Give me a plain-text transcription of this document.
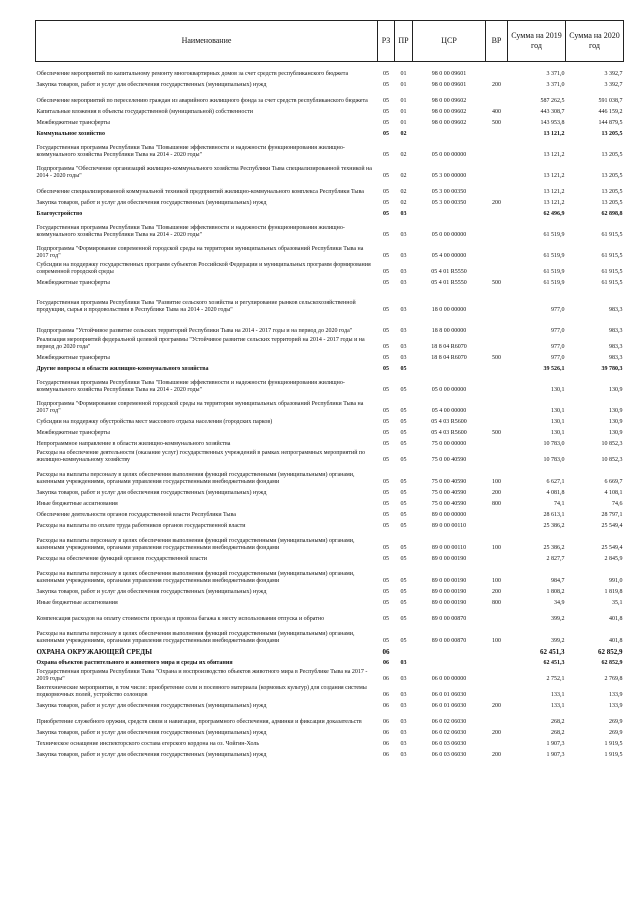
Наименование	РЗ	ПР	ЦСР	ВР	Сумма на 2019 год	Сумма на 2020 год
Обеспечение мероприятий по капитальному ремонту многоквартирных домов за счет средств республиканского бюджета	05	01	98 0 00 09601		3 371,0	3 392,7
Закупка товаров, работ и услуг для обеспечения государственных (муниципальных) нужд	05	01	98 0 00 09601	200	3 371,0	3 392,7
Обеспечение мероприятий по переселению граждан из аварийного жилищного фонда за счет средств республиканского бюджета	05	01	98 0 00 09602		587 262,5	591 038,7
Капитальные вложения в объекты государственной (муниципальной) собственности	05	01	98 0 00 09602	400	443 308,7	446 159,2
Межбюджетные трансферты	05	01	98 0 00 09602	500	143 953,8	144 879,5
Коммунальное хозяйство	05	02			13 121,2	13 205,5
Государственная программа Республики Тыва "Повышение эффективности и надежности функционирования жилищно-коммунального хозяйства Республики Тыва на 2014 - 2020 годы"	05	02	05 0 00 00000		13 121,2	13 205,5
Подпрограмма "Обеспечение организаций жилищно-коммунального хозяйства Республики Тыва специализированной техникой на 2014 - 2020 годы"	05	02	05 3 00 00000		13 121,2	13 205,5
Обеспечение специализированной коммунальной техникой предприятий жилищно-коммунального комплекса Республики Тыва	05	02	05 3 00 00350		13 121,2	13 205,5
Закупка товаров, работ и услуг для обеспечения государственных (муниципальных) нужд	05	02	05 3 00 00350	200	13 121,2	13 205,5
Благоустройство	05	03			62 496,9	62 898,8
Государственная программа Республики Тыва "Повышение эффективности и надежности функционирования жилищно-коммунального хозяйства Республики Тыва на 2014 - 2020 годы"	05	03	05 0 00 00000		61 519,9	61 915,5
Подпрограмма "Формирование современной городской среды на территории муниципальных образований Республики Тыва на 2017 год"	05	03	05 4 00 00000		61 519,9	61 915,5
Субсидии на поддержку государственных программ субъектов Российской Федерации и муниципальных программ формирования современной городской среды	05	03	05 4 01 R5550		61 519,9	61 915,5
Межбюджетные трансферты	05	03	05 4 01 R5550	500	61 519,9	61 915,5
Государственная программа Республики Тыва "Развитие сельского хозяйства и регулирование рынков сельскохозяйственной продукции, сырья и продовольствия в Республике Тыва на 2014 - 2020 годы"	05	03	18 0 00 00000		977,0	983,3
Подпрограмма "Устойчивое развитие сельских территорий Республики Тыва на 2014 - 2017 годы и на период до 2020 года"	05	03	18 8 00 00000		977,0	983,3
Реализация мероприятий федеральной целевой программы "Устойчивое развитие сельских территорий на 2014 - 2017 годы и на период до 2020 года"	05	03	18 8 04 R6070		977,0	983,3
Межбюджетные трансферты	05	03	18 8 04 R6070	500	977,0	983,3
Другие вопросы в области жилищно-коммунального хозяйства	05	05			39 526,1	39 780,3
Государственная программа Республики Тыва "Повышение эффективности и надежности функционирования жилищно-коммунального хозяйства Республики Тыва на 2014 - 2020 годы"	05	05	05 0 00 00000		130,1	130,9
Подпрограмма "Формирование современной городской среды на территории муниципальных образований Республики Тыва на 2017 год"	05	05	05 4 00 00000		130,1	130,9
Субсидии на поддержку обустройства мест массового отдыха населения (городских парков)	05	05	05 4 03 R5600		130,1	130,9
Межбюджетные трансферты	05	05	05 4 03 R5600	500	130,1	130,9
Непрограммное направление в области жилищно-коммунального хозяйства	05	05	75 0 00 00000		10 783,0	10 852,3
Расходы на обеспечение деятельности (оказание услуг) государственных учреждений в рамках непрограммных мероприятий по жилищно-коммунальному хозяйству	05	05	75 0 00 40590		10 783,0	10 852,3
Расходы на выплаты персоналу в целях обеспечения выполнения функций государственными (муниципальными) органами, казенными учреждениями, органами управления государственными внебюджетными фондами	05	05	75 0 00 40590	100	6 627,1	6 669,7
Закупка товаров, работ и услуг для обеспечения государственных (муниципальных) нужд	05	05	75 0 00 40590	200	4 081,8	4 108,1
Иные бюджетные ассигнования	05	05	75 0 00 40590	800	74,1	74,6
Обеспечение деятельности органов государственной власти Республики Тыва	05	05	89 0 00 00000		28 613,1	28 797,1
Расходы на выплаты по оплате труда работников органов государственной власти	05	05	89 0 00 00110		25 386,2	25 549,4
Расходы на выплаты персоналу в целях обеспечения выполнения функций государственными (муниципальными) органами, казенными учреждениями, органами управления государственными внебюджетными фондами	05	05	89 0 00 00110	100	25 386,2	25 549,4
Расходы на обеспечение функций органов государственной власти	05	05	89 0 00 00190		2 827,7	2 845,9
Расходы на выплаты персоналу в целях обеспечения выполнения функций государственными (муниципальными) органами, казенными учреждениями, органами управления государственными внебюджетными фондами	05	05	89 0 00 00190	100	984,7	991,0
Закупка товаров, работ и услуг для обеспечения государственных (муниципальных) нужд	05	05	89 0 00 00190	200	1 808,2	1 819,8
Иные бюджетные ассигнования	05	05	89 0 00 00190	800	34,9	35,1
Компенсация расходов на оплату стоимости проезда и провоза багажа к месту использования отпуска и обратно	05	05	89 0 00 00870		399,2	401,8
Расходы на выплаты персоналу в целях обеспечения выполнения функций государственными (муниципальными) органами, казенными учреждениями, органами управления государственными внебюджетными фондами	05	05	89 0 00 00870	100	399,2	401,8
ОХРАНА ОКРУЖАЮЩЕЙ СРЕДЫ	06				62 451,3	62 852,9
Охрана объектов растительного и животного мира и среды их обитания	06	03			62 451,3	62 852,9
Государственная программа Республики Тыва "Охрана и воспроизводство объектов животного мира в Республике Тыва на 2017 - 2019 годы"	06	03	06 0 00 00000		2 752,1	2 769,8
Биотехнические мероприятия, в том числе: приобретение соли и посевного материала (кормовых культур) для создания системы подкормочных полей, устройство солонцов	06	03	06 0 01 06030		133,1	133,9
Закупка товаров, работ и услуг для обеспечения государственных (муниципальных) нужд	06	03	06 0 01 06030	200	133,1	133,9
Приобретение служебного оружия, средств связи и навигации, программного обеспечения, админки и фиксации доказательств	06	03	06 0 02 06030		268,2	269,9
Закупка товаров, работ и услуг для обеспечения государственных (муниципальных) нужд	06	03	06 0 02 06030	200	268,2	269,9
Техническое оснащение инспекторского состава егерского кордона на оз. Чойгин-Холь	06	03	06 0 03 06030		1 907,3	1 919,5
Закупка товаров, работ и услуг для обеспечения государственных (муниципальных) нужд	06	03	06 0 03 06030	200	1 907,3	1 919,5
